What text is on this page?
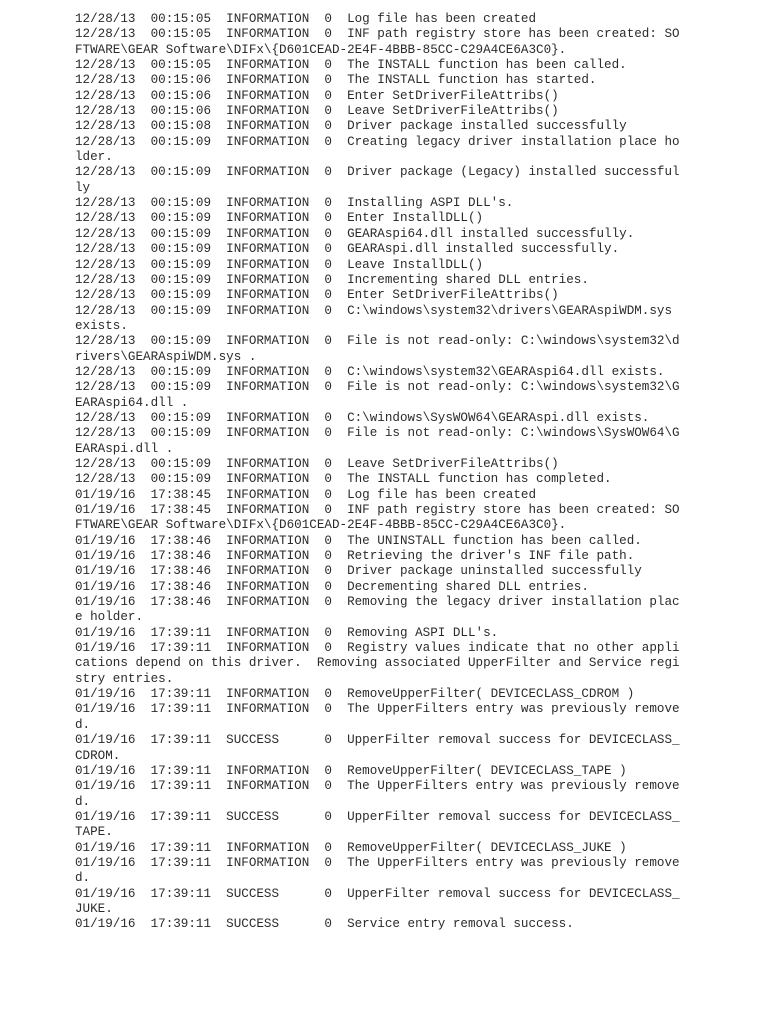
12/28/13  00:15:05  INFORMATION  0  Log file has been created
12/28/13  00:15:05  INFORMATION  0  INF path registry store has been created: SO
FTWARE\GEAR Software\DIFx\{D601CEAD-2E4F-4BBB-85CC-C29A4CE6A3C0}.
12/28/13  00:15:05  INFORMATION  0  The INSTALL function has been called.
12/28/13  00:15:06  INFORMATION  0  The INSTALL function has started.
12/28/13  00:15:06  INFORMATION  0  Enter SetDriverFileAttribs()
12/28/13  00:15:06  INFORMATION  0  Leave SetDriverFileAttribs()
12/28/13  00:15:08  INFORMATION  0  Driver package installed successfully
12/28/13  00:15:09  INFORMATION  0  Creating legacy driver installation place ho
lder.
12/28/13  00:15:09  INFORMATION  0  Driver package (Legacy) installed successful
ly
12/28/13  00:15:09  INFORMATION  0  Installing ASPI DLL's.
12/28/13  00:15:09  INFORMATION  0  Enter InstallDLL()
12/28/13  00:15:09  INFORMATION  0  GEARAspi64.dll installed successfully.
12/28/13  00:15:09  INFORMATION  0  GEARAspi.dll installed successfully.
12/28/13  00:15:09  INFORMATION  0  Leave InstallDLL()
12/28/13  00:15:09  INFORMATION  0  Incrementing shared DLL entries.
12/28/13  00:15:09  INFORMATION  0  Enter SetDriverFileAttribs()
12/28/13  00:15:09  INFORMATION  0  C:\windows\system32\drivers\GEARAspiWDM.sys
exists.
12/28/13  00:15:09  INFORMATION  0  File is not read-only: C:\windows\system32\d
rivers\GEARAspiWDM.sys .
12/28/13  00:15:09  INFORMATION  0  C:\windows\system32\GEARAspi64.dll exists.
12/28/13  00:15:09  INFORMATION  0  File is not read-only: C:\windows\system32\G
EARAspi64.dll .
12/28/13  00:15:09  INFORMATION  0  C:\windows\SysWOW64\GEARAspi.dll exists.
12/28/13  00:15:09  INFORMATION  0  File is not read-only: C:\windows\SysWOW64\G
EARAspi.dll .
12/28/13  00:15:09  INFORMATION  0  Leave SetDriverFileAttribs()
12/28/13  00:15:09  INFORMATION  0  The INSTALL function has completed.
01/19/16  17:38:45  INFORMATION  0  Log file has been created
01/19/16  17:38:45  INFORMATION  0  INF path registry store has been created: SO
FTWARE\GEAR Software\DIFx\{D601CEAD-2E4F-4BBB-85CC-C29A4CE6A3C0}.
01/19/16  17:38:46  INFORMATION  0  The UNINSTALL function has been called.
01/19/16  17:38:46  INFORMATION  0  Retrieving the driver's INF file path.
01/19/16  17:38:46  INFORMATION  0  Driver package uninstalled successfully
01/19/16  17:38:46  INFORMATION  0  Decrementing shared DLL entries.
01/19/16  17:38:46  INFORMATION  0  Removing the legacy driver installation plac
e holder.
01/19/16  17:39:11  INFORMATION  0  Removing ASPI DLL's.
01/19/16  17:39:11  INFORMATION  0  Registry values indicate that no other appli
cations depend on this driver.  Removing associated UpperFilter and Service regi
stry entries.
01/19/16  17:39:11  INFORMATION  0  RemoveUpperFilter( DEVICECLASS_CDROM )
01/19/16  17:39:11  INFORMATION  0  The UpperFilters entry was previously remove
d.
01/19/16  17:39:11  SUCCESS      0  UpperFilter removal success for DEVICECLASS_
CDROM.
01/19/16  17:39:11  INFORMATION  0  RemoveUpperFilter( DEVICECLASS_TAPE )
01/19/16  17:39:11  INFORMATION  0  The UpperFilters entry was previously remove
d.
01/19/16  17:39:11  SUCCESS      0  UpperFilter removal success for DEVICECLASS_
TAPE.
01/19/16  17:39:11  INFORMATION  0  RemoveUpperFilter( DEVICECLASS_JUKE )
01/19/16  17:39:11  INFORMATION  0  The UpperFilters entry was previously remove
d.
01/19/16  17:39:11  SUCCESS      0  UpperFilter removal success for DEVICECLASS_
JUKE.
01/19/16  17:39:11  SUCCESS      0  Service entry removal success.
